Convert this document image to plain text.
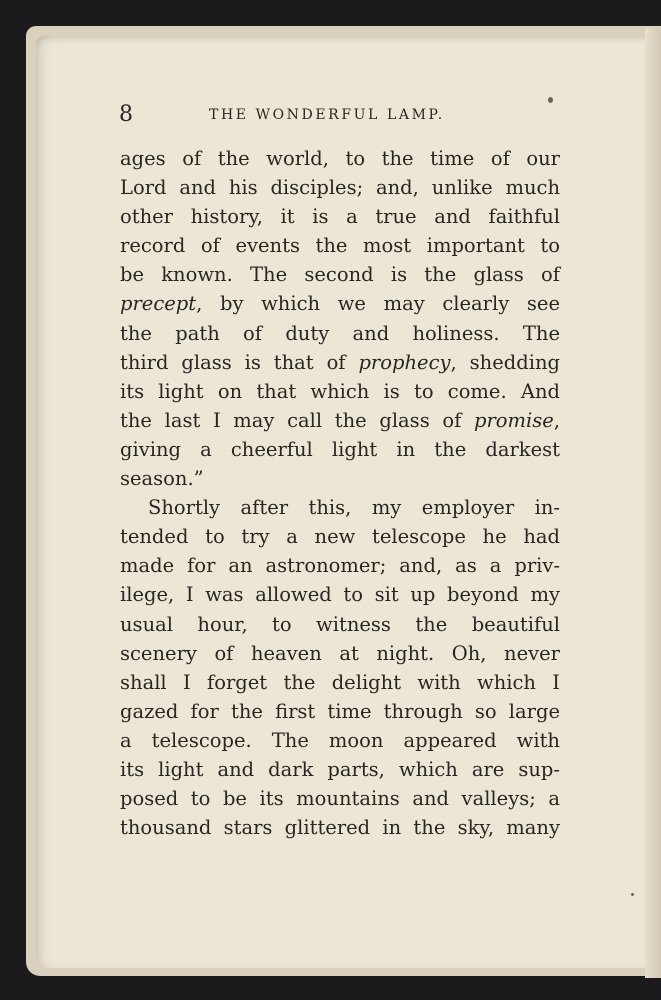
8	THE WONDERFUL LAMP.
ages of the world, to the time of our
Lord and his disciples; and, unlike much
other history, it is a true and faithful
record of events the most important to
be known. The second is the glass of
precept, by which we may clearly see
the path of duty and holiness. The
third glass is that of prophecy, shedding
its light on that which is to come. And
the last I may call the glass of promise,
giving a cheerful light in the darkest
season.”
Shortly after this, my employer in-
tended to try a new telescope he had
made for an astronomer; and, as a priv-
ilege, I was allowed to sit up beyond my
usual hour, to witness the beautiful
scenery of heaven at night. Oh, never
shall I forget the delight with which I
gazed for the first time through so large
a telescope. The moon appeared with
its light and dark parts, which are sup-
posed to be its mountains and valleys; a
thousand stars glittered in the sky, many
